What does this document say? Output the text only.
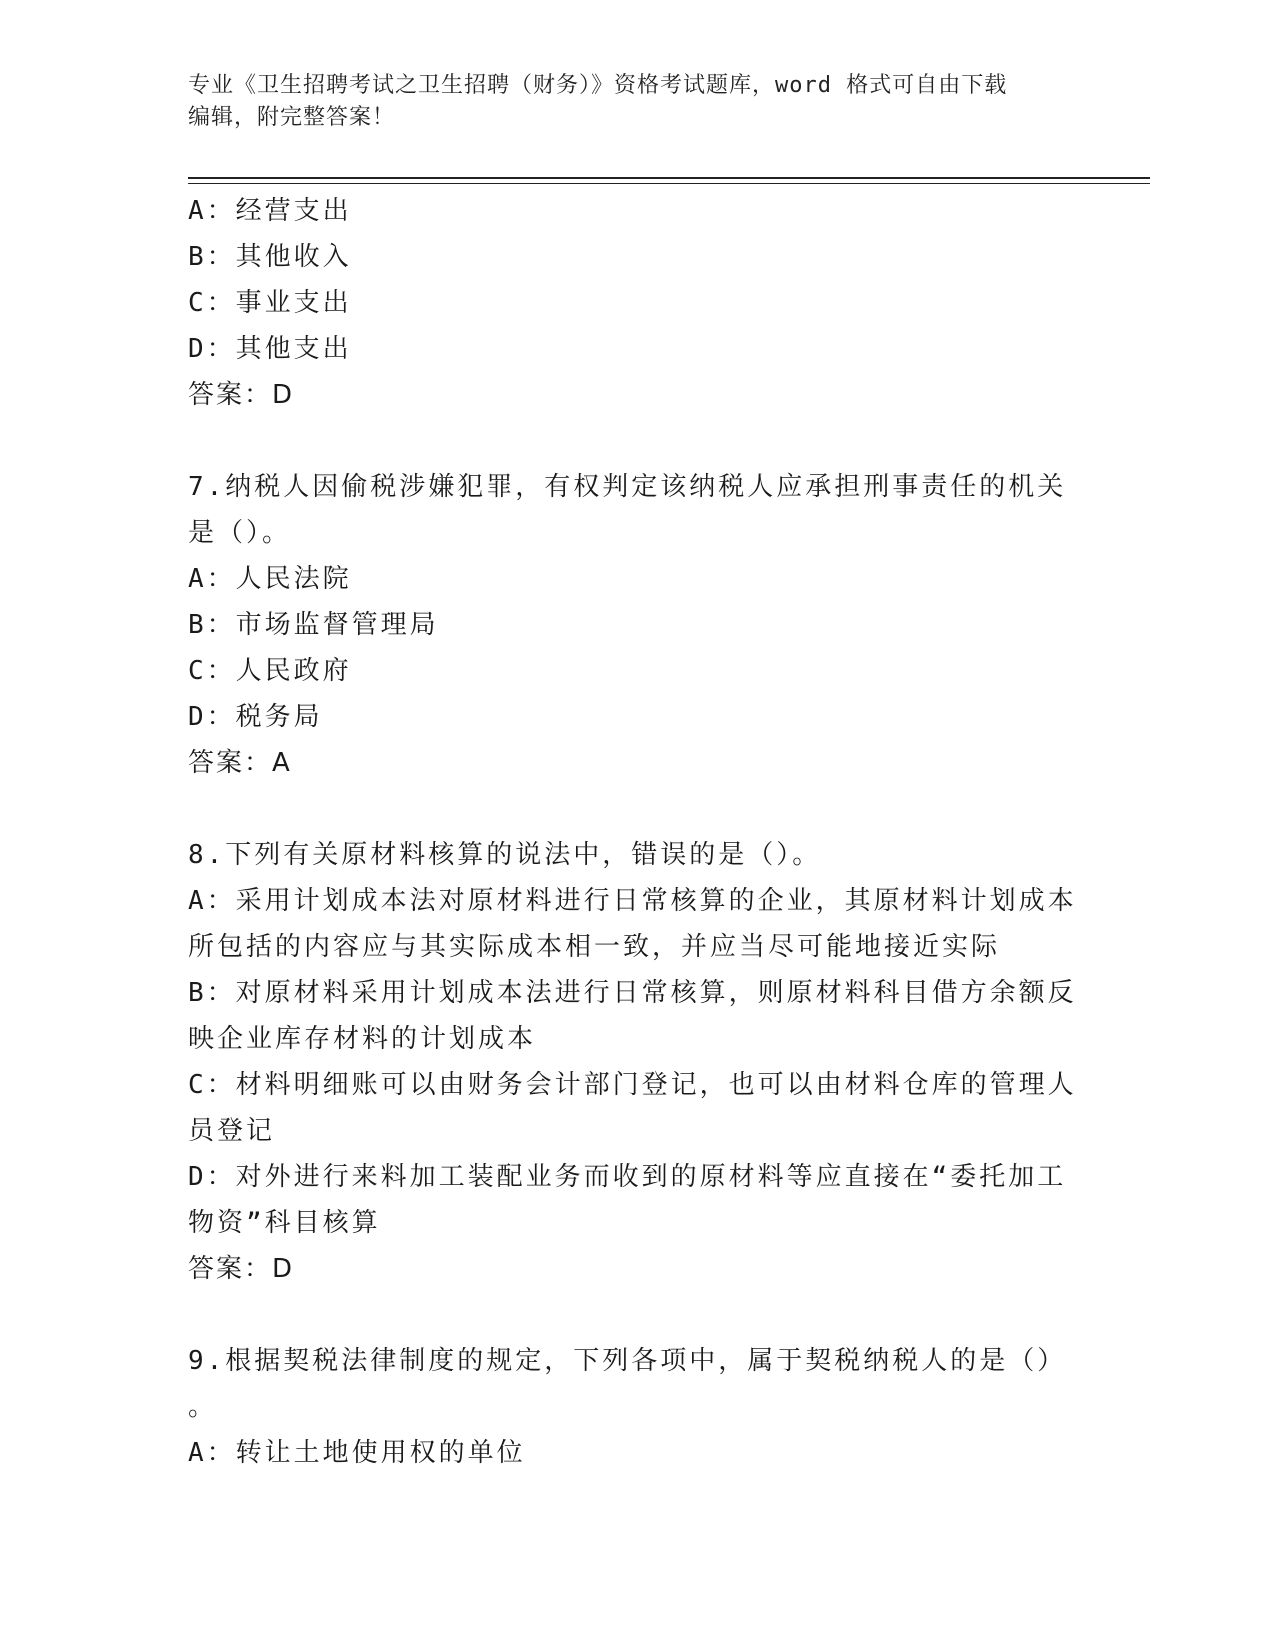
专业《卫生招聘考试之卫生招聘（财务）》资格考试题库，word 格式可自由下载
编辑，附完整答案！
A：经营支出
B：其他收入
C：事业支出
D：其他支出
答案：D
7.纳税人因偷税涉嫌犯罪，有权判定该纳税人应承担刑事责任的机关
是（）。
A：人民法院
B：市场监督管理局
C：人民政府
D：税务局
答案：A
8.下列有关原材料核算的说法中，错误的是（）。
A：采用计划成本法对原材料进行日常核算的企业，其原材料计划成本
所包括的内容应与其实际成本相一致，并应当尽可能地接近实际
B：对原材料采用计划成本法进行日常核算，则原材料科目借方余额反
映企业库存材料的计划成本
C：材料明细账可以由财务会计部门登记，也可以由材料仓库的管理人
员登记
D：对外进行来料加工装配业务而收到的原材料等应直接在“委托加工
物资”科目核算
答案：D
9.根据契税法律制度的规定，下列各项中，属于契税纳税人的是（）
。
A：转让土地使用权的单位
